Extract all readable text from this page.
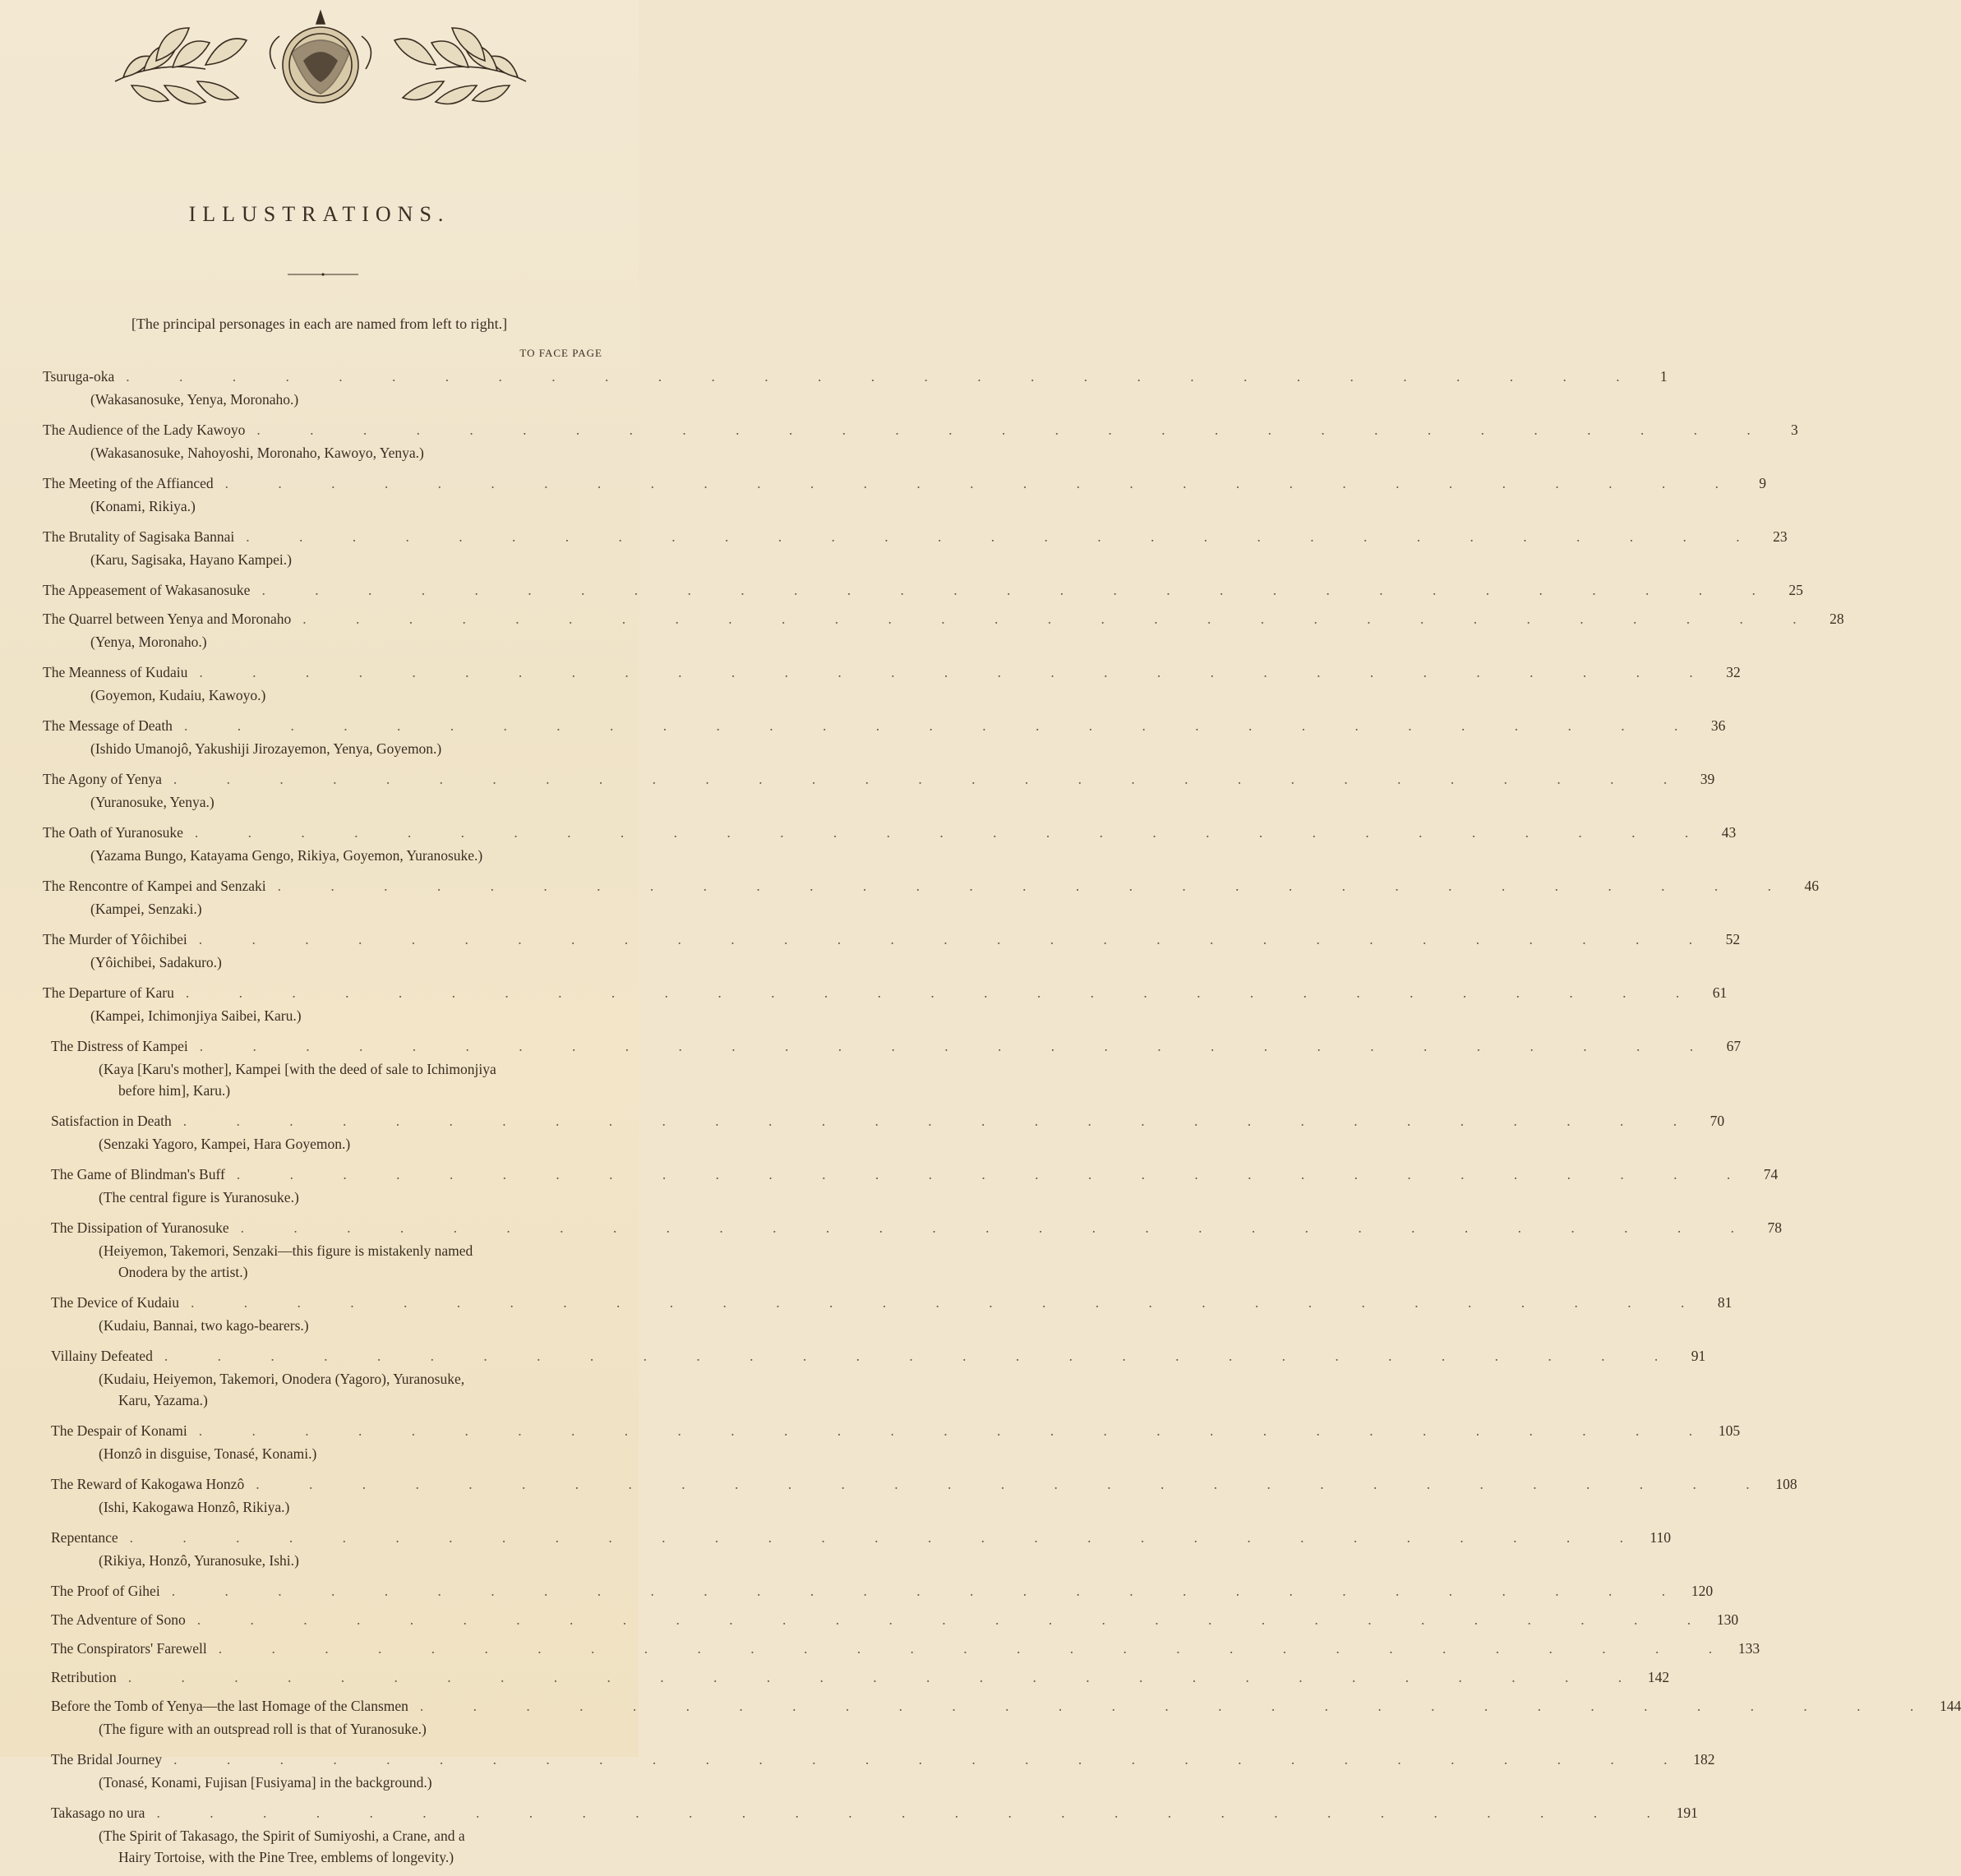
ILLUSTRATIONS.
[The principal personages in each are named from left to right.]
TO FACE PAGE
Tsuruga-oka . . . . . . . . . . . . . . . . . . . . . . . . . . . . .	1
(Wakasanosuke, Yenya, Moronaho.)
The Audience of the Lady Kawoyo . . . . . . . . . . . . . . . . . . . . . . . . . . . . .	3
(Wakasanosuke, Nahoyoshi, Moronaho, Kawoyo, Yenya.)
The Meeting of the Affianced . . . . . . . . . . . . . . . . . . . . . . . . . . . . .	9
(Konami, Rikiya.)
The Brutality of Sagisaka Bannai . . . . . . . . . . . . . . . . . . . . . . . . . . . . . 23
(Karu, Sagisaka, Hayano Kampei.)
The Appeasement of Wakasanosuke . . . . . . . . . . . . . . . . . . . . . . . . . . . . . 25
The Quarrel between Yenya and Moronaho . . . . . . . . . . . . . . . . . . . . . . . . . . . . . 28
(Yenya, Moronaho.)
The Meanness of Kudaiu . . . . . . . . . . . . . . . . . . . . . . . . . . . . . 32
(Goyemon, Kudaiu, Kawoyo.)
The Message of Death . . . . . . . . . . . . . . . . . . . . . . . . . . . . . 36
(Ishido Umanojô, Yakushiji Jirozayemon, Yenya, Goyemon.)
The Agony of Yenya . . . . . . . . . . . . . . . . . . . . . . . . . . . . . 39
(Yuranosuke, Yenya.)
The Oath of Yuranosuke . . . . . . . . . . . . . . . . . . . . . . . . . . . . . 43
(Yazama Bungo, Katayama Gengo, Rikiya, Goyemon, Yuranosuke.)
The Rencontre of Kampei and Senzaki . . . . . . . . . . . . . . . . . . . . . . . . . . . . . 46
(Kampei, Senzaki.)
The Murder of Yôichibei . . . . . . . . . . . . . . . . . . . . . . . . . . . . . 52
(Yôichibei, Sadakuro.)
The Departure of Karu . . . . . . . . . . . . . . . . . . . . . . . . . . . . . 61
(Kampei, Ichimonjiya Saibei, Karu.)
The Distress of Kampei . . . . . . . . . . . . . . . . . . . . . . . . . . . . . 67
(Kaya [Karu's mother], Kampei [with the deed of sale to Ichimonjiya
before him], Karu.)
Satisfaction in Death . . . . . . . . . . . . . . . . . . . . . . . . . . . . . 70
(Senzaki Yagoro, Kampei, Hara Goyemon.)
The Game of Blindman's Buff . . . . . . . . . . . . . . . . . . . . . . . . . . . . . 74
(The central figure is Yuranosuke.)
The Dissipation of Yuranosuke . . . . . . . . . . . . . . . . . . . . . . . . . . . . . 78
(Heiyemon, Takemori, Senzaki—this figure is mistakenly named
Onodera by the artist.)
The Device of Kudaiu . . . . . . . . . . . . . . . . . . . . . . . . . . . . . 81
(Kudaiu, Bannai, two kago-bearers.)
Villainy Defeated . . . . . . . . . . . . . . . . . . . . . . . . . . . . . 91
(Kudaiu, Heiyemon, Takemori, Onodera (Yagoro), Yuranosuke,
Karu, Yazama.)
The Despair of Konami . . . . . . . . . . . . . . . . . . . . . . . . . . . . . 105
(Honzô in disguise, Tonasé, Konami.)
The Reward of Kakogawa Honzô . . . . . . . . . . . . . . . . . . . . . . . . . . . . . 108
(Ishi, Kakogawa Honzô, Rikiya.)
Repentance . . . . . . . . . . . . . . . . . . . . . . . . . . . . . 110
(Rikiya, Honzô, Yuranosuke, Ishi.)
The Proof of Gihei . . . . . . . . . . . . . . . . . . . . . . . . . . . . . 120
The Adventure of Sono . . . . . . . . . . . . . . . . . . . . . . . . . . . . . 130
The Conspirators' Farewell . . . . . . . . . . . . . . . . . . . . . . . . . . . . . 133
Retribution . . . . . . . . . . . . . . . . . . . . . . . . . . . . . 142
Before the Tomb of Yenya—the last Homage of the Clansmen . . . . . . . . . . . . . . . . . . . . . . . . . . . . . 144
(The figure with an outspread roll is that of Yuranosuke.)
The Bridal Journey . . . . . . . . . . . . . . . . . . . . . . . . . . . . . 182
(Tonasé, Konami, Fujisan [Fusiyama] in the background.)
Takasago no ura . . . . . . . . . . . . . . . . . . . . . . . . . . . . . 191
(The Spirit of Takasago, the Spirit of Sumiyoshi, a Crane, and a
Hairy Tortoise, with the Pine Tree, emblems of longevity.)
